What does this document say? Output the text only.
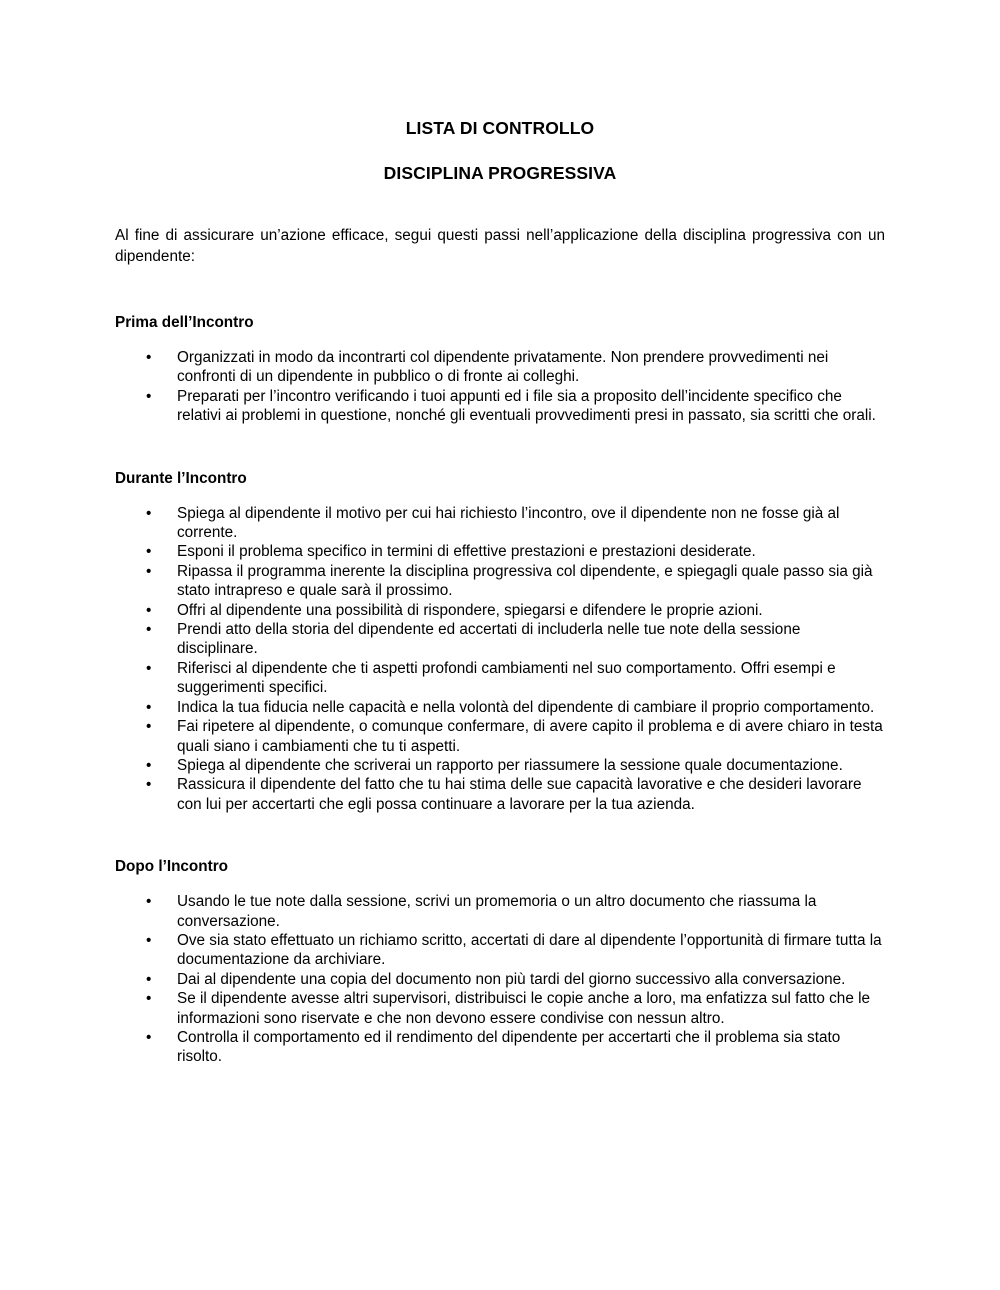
LISTA DI CONTROLLO
DISCIPLINA PROGRESSIVA

Al fine di assicurare un’azione efficace, segui questi passi nell’applicazione della disciplina progressiva con un dipendente:

Prima dell’Incontro
• Organizzati in modo da incontrarti col dipendente privatamente. Non prendere provvedimenti nei confronti di un dipendente in pubblico o di fronte ai colleghi.
• Preparati per l’incontro verificando i tuoi appunti ed i file sia a proposito dell’incidente specifico che relativi ai problemi in questione, nonché gli eventuali provvedimenti presi in passato, sia scritti che orali.
Durante l’Incontro
• Spiega al dipendente il motivo per cui hai richiesto l’incontro, ove il dipendente non ne fosse già al corrente.
• Esponi il problema specifico in termini di effettive prestazioni e prestazioni desiderate.
• Ripassa il programma inerente la disciplina progressiva col dipendente, e spiegagli quale passo sia già stato intrapreso e quale sarà il prossimo.
• Offri al dipendente una possibilità di rispondere, spiegarsi e difendere le proprie azioni.
• Prendi atto della storia del dipendente ed accertati di includerla nelle tue note della sessione disciplinare.
• Riferisci al dipendente che ti aspetti profondi cambiamenti nel suo comportamento. Offri esempi e suggerimenti specifici.
• Indica la tua fiducia nelle capacità e nella volontà del dipendente di cambiare il proprio comportamento.
• Fai ripetere al dipendente, o comunque confermare, di avere capito il problema e di avere chiaro in testa quali siano i cambiamenti che tu ti aspetti.
• Spiega al dipendente che scriverai un rapporto per riassumere la sessione quale documentazione.
• Rassicura il dipendente del fatto che tu hai stima delle sue capacità lavorative e che desideri lavorare con lui per accertarti che egli possa continuare a lavorare per la tua azienda.
Dopo l’Incontro
• Usando le tue note dalla sessione, scrivi un promemoria o un altro documento che riassuma la conversazione.
• Ove sia stato effettuato un richiamo scritto, accertati di dare al dipendente l’opportunità di firmare tutta la documentazione da archiviare.
• Dai al dipendente una copia del documento non più tardi del giorno successivo alla conversazione.
• Se il dipendente avesse altri supervisori, distribuisci le copie anche a loro, ma enfatizza sul fatto che le informazioni sono riservate e che non devono essere condivise con nessun altro.
• Controlla il comportamento ed il rendimento del dipendente per accertarti che il problema sia stato risolto.
